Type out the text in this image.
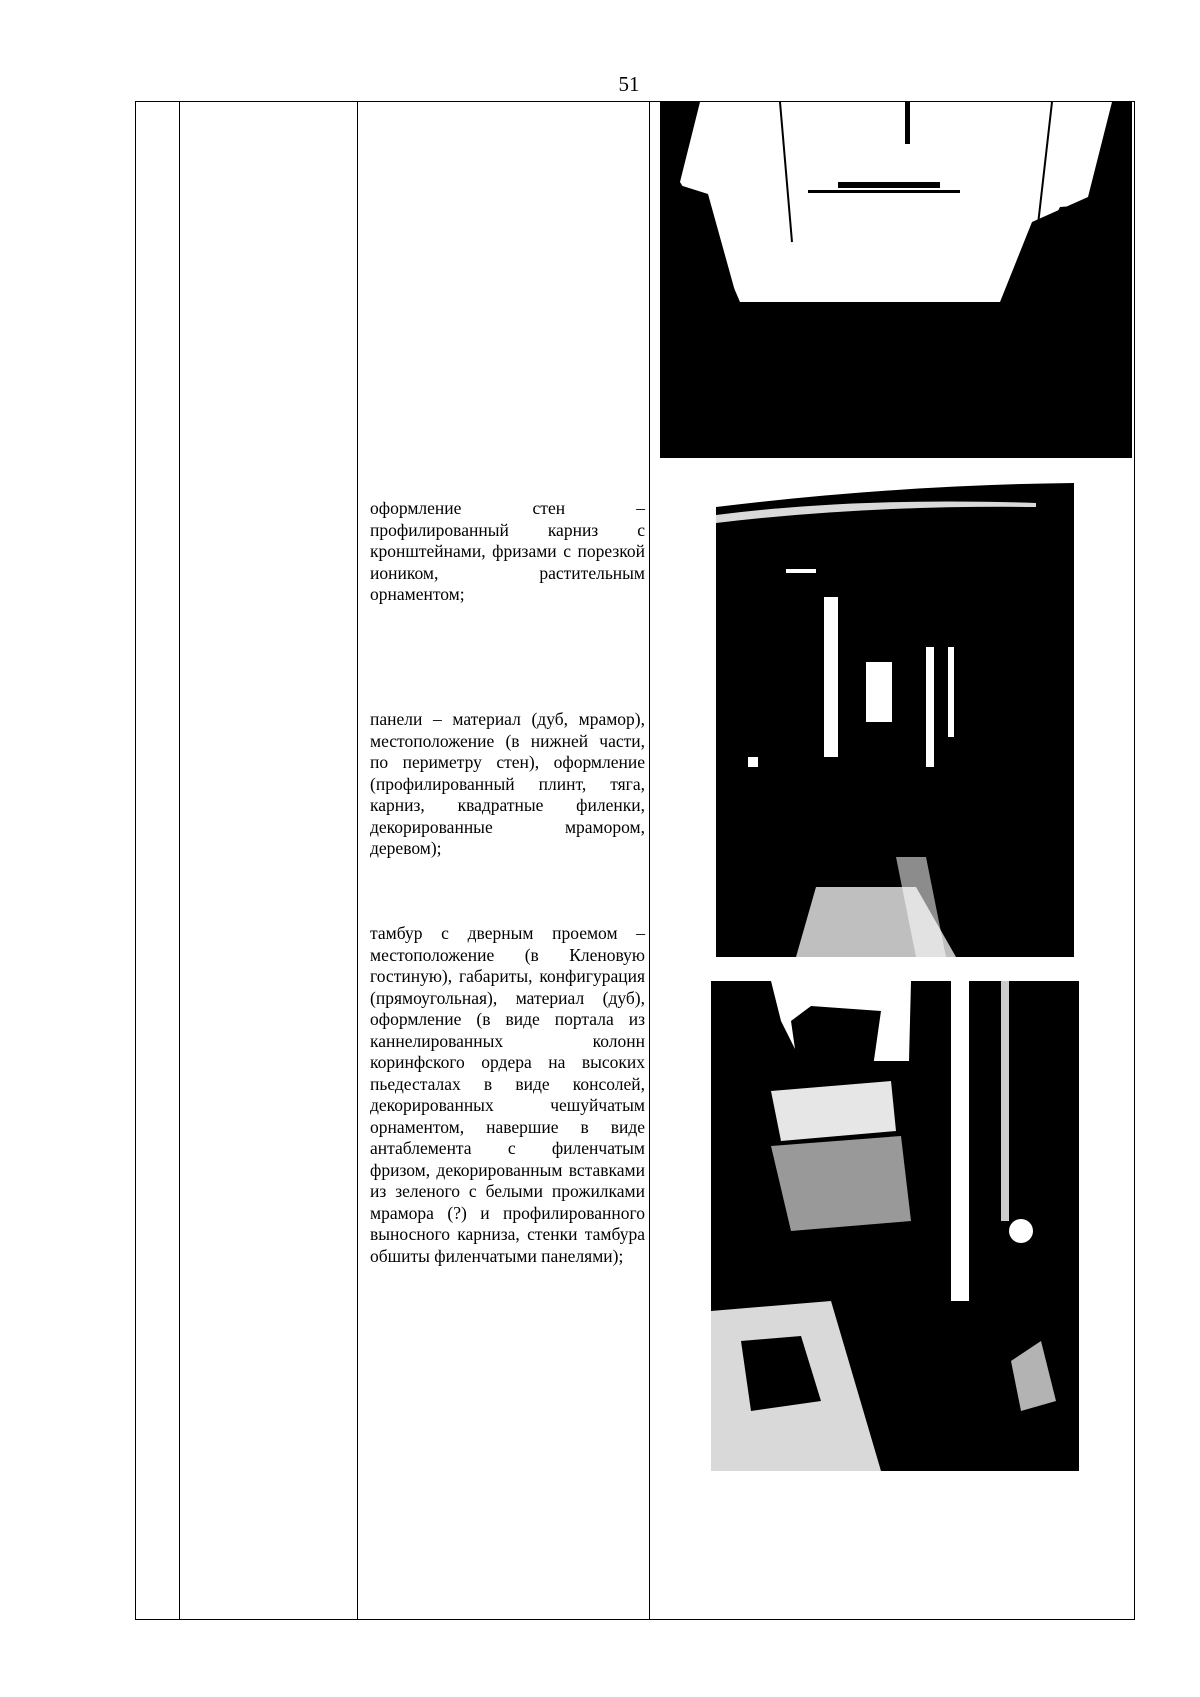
51
оформление стен – профилированный карниз с кронштейнами, фризами с порезкой иоником, растительным орнаментом;
панели – материал (дуб, мрамор), местоположение (в нижней части, по периметру стен), оформление (профилированный плинт, тяга, карниз, квадратные филенки, декорированные мрамором, деревом);
тамбур с дверным проемом – местоположение (в Кленовую гостиную), габариты, конфигурация (прямоугольная), материал (дуб), оформление (в виде портала из каннелированных колонн коринфского ордера на высоких пьедесталах в виде консолей, декорированных чешуйчатым орнаментом, навершие в виде антаблемента с филенчатым фризом, декорированным вставками из зеленого с белыми прожилками мрамора (?) и профилированного выносного карниза, стенки тамбура обшиты филенчатыми панелями);
